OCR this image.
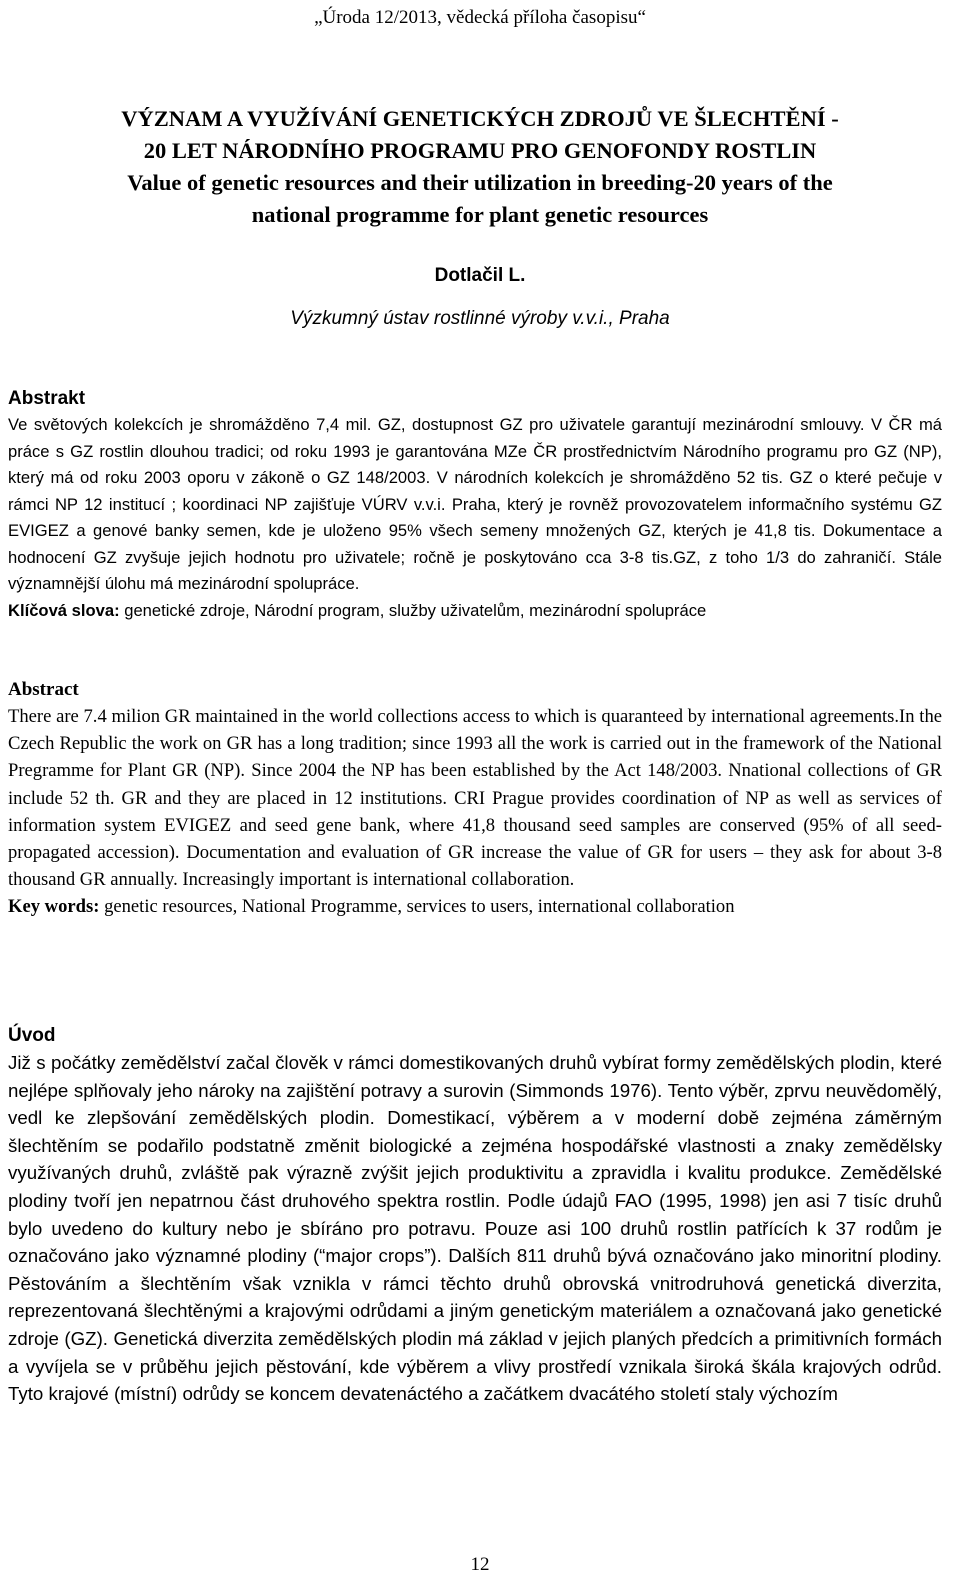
„Úroda 12/2013, vědecká příloha časopisu“
VÝZNAM A VYUŽÍVÁNÍ GENETICKÝCH ZDROJŮ VE ŠLECHTĚNÍ -
20 LET NÁRODNÍHO PROGRAMU PRO GENOFONDY ROSTLIN
Value of genetic resources and their utilization in breeding-20 years of the
national programme for plant genetic resources
Dotlačil L.
Výzkumný ústav rostlinné výroby v.v.i., Praha
Abstrakt

Ve světových kolekcích je shromážděno 7,4 mil. GZ, dostupnost GZ pro uživatele garantují mezinárodní smlouvy. V ČR má práce s GZ rostlin dlouhou tradici; od roku 1993 je garantována MZe ČR prostřednictvím Národního programu pro GZ (NP), který má od roku 2003 oporu v zákoně o GZ 148/2003. V národních kolekcích je shromážděno 52 tis. GZ o které pečuje v rámci NP 12 institucí ; koordinaci NP zajišťuje VÚRV v.v.i. Praha, který je rovněž provozovatelem informačního systému GZ EVIGEZ a genové banky semen, kde je uloženo 95% všech semeny množených GZ, kterých je 41,8 tis. Dokumentace a hodnocení GZ zvyšuje jejich hodnotu pro uživatele; ročně je poskytováno cca 3-8 tis.GZ, z toho 1/3 do zahraničí. Stále významnější úlohu má mezinárodní spolupráce.

Klíčová slova: genetické zdroje, Národní program, služby uživatelům, mezinárodní spolupráce

Abstract

There are 7.4 milion GR maintained in the world collections access to which is quaranteed by international agreements.In the Czech Republic the work on GR has a long tradition; since 1993 all the work is carried out in the framework of the National Pregramme for Plant GR (NP). Since 2004 the NP has been established by the Act 148/2003. Nnational collections of GR include 52 th. GR and they are placed in 12 institutions. CRI Prague provides coordination of NP as well as services of information system EVIGEZ and seed gene bank, where 41,8 thousand seed samples are conserved (95% of all seed-propagated accession). Documentation and evaluation of GR increase the value of GR for users – they ask for about 3-8 thousand GR annually. Increasingly important is international collaboration.

Key words: genetic resources, National Programme, services to users, international collaboration

Úvod

Již s počátky zemědělství začal člověk v rámci domestikovaných druhů vybírat formy zemědělských plodin, které nejlépe splňovaly jeho nároky na zajištění potravy a surovin (Simmonds 1976). Tento výběr, zprvu neuvědomělý, vedl ke zlepšování zemědělských plodin. Domestikací, výběrem a v moderní době zejména záměrným šlechtěním se podařilo podstatně změnit biologické a zejména hospodářské vlastnosti a znaky zemědělsky využívaných druhů, zvláště pak výrazně zvýšit jejich produktivitu a zpravidla i kvalitu produkce. Zemědělské plodiny tvoří jen nepatrnou část druhového spektra rostlin. Podle údajů FAO (1995, 1998) jen asi 7 tisíc druhů bylo uvedeno do kultury nebo je sbíráno pro potravu. Pouze asi 100 druhů rostlin patřících k 37 rodům je označováno jako významné plodiny (“major crops”). Dalších 811 druhů bývá označováno jako minoritní plodiny. Pěstováním a šlechtěním však vznikla v rámci těchto druhů obrovská vnitrodruhová genetická diverzita, reprezentovaná šlechtěnými a krajovými odrůdami a jiným genetickým materiálem a označovaná jako genetické zdroje (GZ). Genetická diverzita zemědělských plodin má základ v jejich planých předcích a primitivních formách a vyvíjela se v průběhu jejich pěstování, kde výběrem a vlivy prostředí vznikala široká škála krajových odrůd. Tyto krajové (místní) odrůdy se koncem devatenáctého a začátkem dvacátého století staly výchozím

12
